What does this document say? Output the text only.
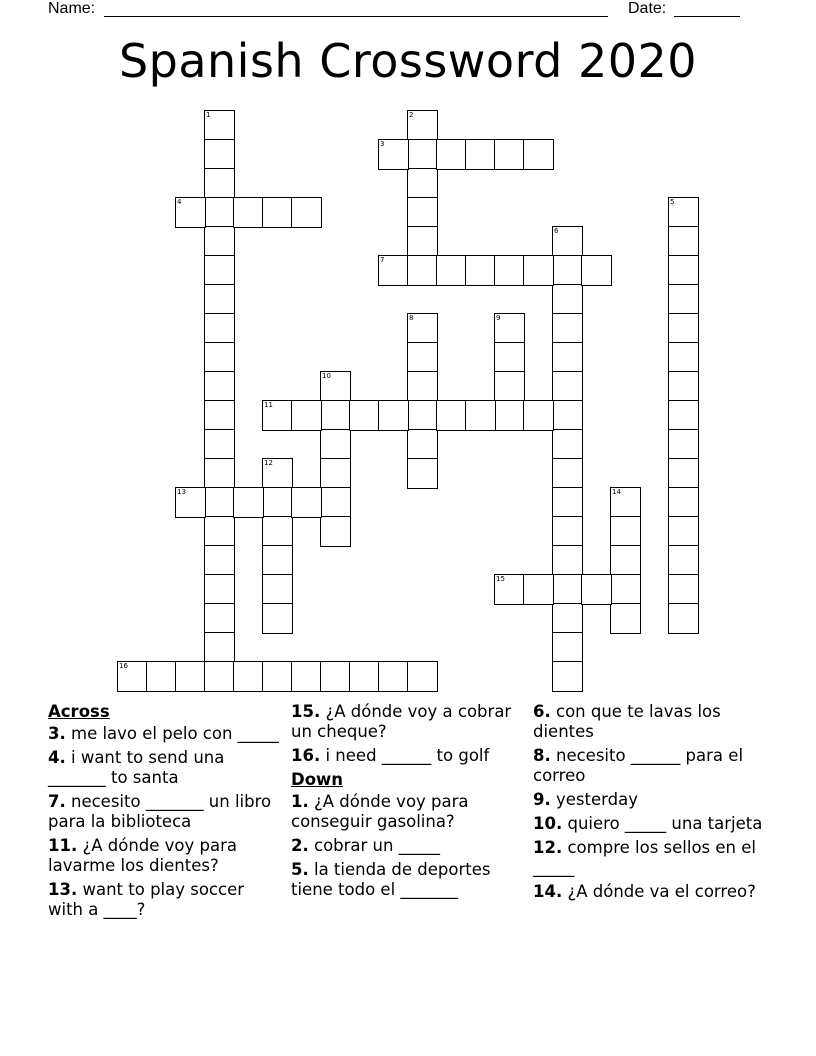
Name:	Date:
Spanish Crossword 2020
1	2
3
4	5
6
7
8	9
10
11
12
13	14
15
16
Across
3. me lavo el pelo con _____
4. i want to send una _______ to santa
7. necesito _______ un libro para la biblioteca
11. ¿A dónde voy para lavarme los dientes?
13. want to play soccer with a ____?
15. ¿A dónde voy a cobrar un cheque?
16. i need ______ to golf
Down
1. ¿A dónde voy para conseguir gasolina?
2. cobrar un _____
5. la tienda de deportes tiene todo el _______
6. con que te lavas los dientes
8. necesito ______ para el correo
9. yesterday
10. quiero _____ una tarjeta
12. compre los sellos en el _____
14. ¿A dónde va el correo?
